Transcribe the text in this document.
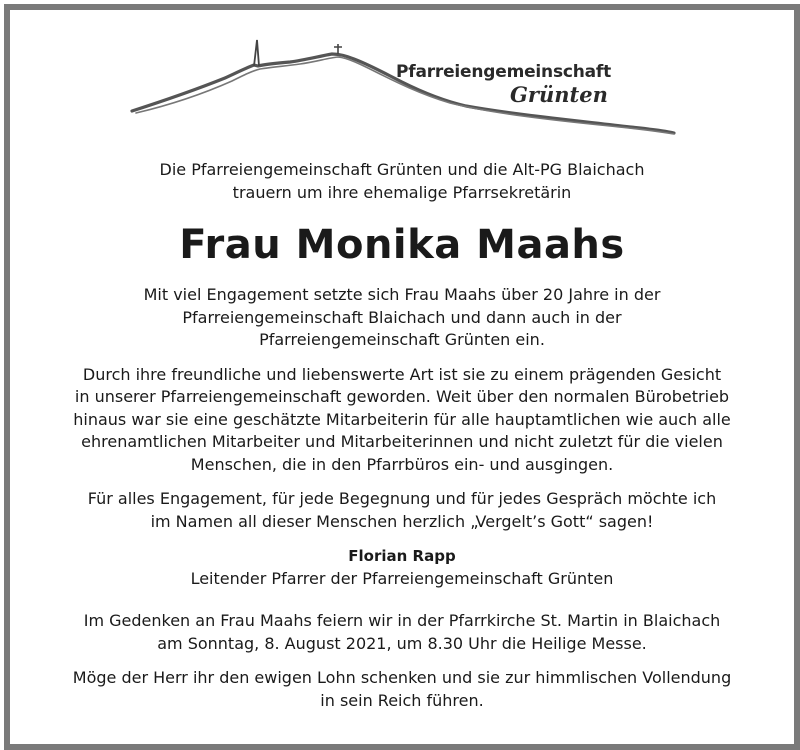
Pfarreiengemeinschaft
Grünten

Die Pfarreiengemeinschaft Grünten und die Alt-PG Blaichach

trauern um ihre ehemalige Pfarrsekretärin

Frau Monika Maahs

Mit viel Engagement setzte sich Frau Maahs über 20 Jahre in der

Pfarreiengemeinschaft Blaichach und dann auch in der

Pfarreiengemeinschaft Grünten ein.

Durch ihre freundliche und liebenswerte Art ist sie zu einem prägenden Gesicht

in unserer Pfarreiengemeinschaft geworden. Weit über den normalen Bürobetrieb

hinaus war sie eine geschätzte Mitarbeiterin für alle hauptamtlichen wie auch alle

ehrenamtlichen Mitarbeiter und Mitarbeiterinnen und nicht zuletzt für die vielen

Menschen, die in den Pfarrbüros ein- und ausgingen.

Für alles Engagement, für jede Begegnung und für jedes Gespräch möchte ich

im Namen all dieser Menschen herzlich „Vergelt’s Gott“ sagen!

Florian Rapp

Leitender Pfarrer der Pfarreiengemeinschaft Grünten

Im Gedenken an Frau Maahs feiern wir in der Pfarrkirche St. Martin in Blaichach

am Sonntag, 8. August 2021, um 8.30 Uhr die Heilige Messe.

Möge der Herr ihr den ewigen Lohn schenken und sie zur himmlischen Vollendung

in sein Reich führen.
